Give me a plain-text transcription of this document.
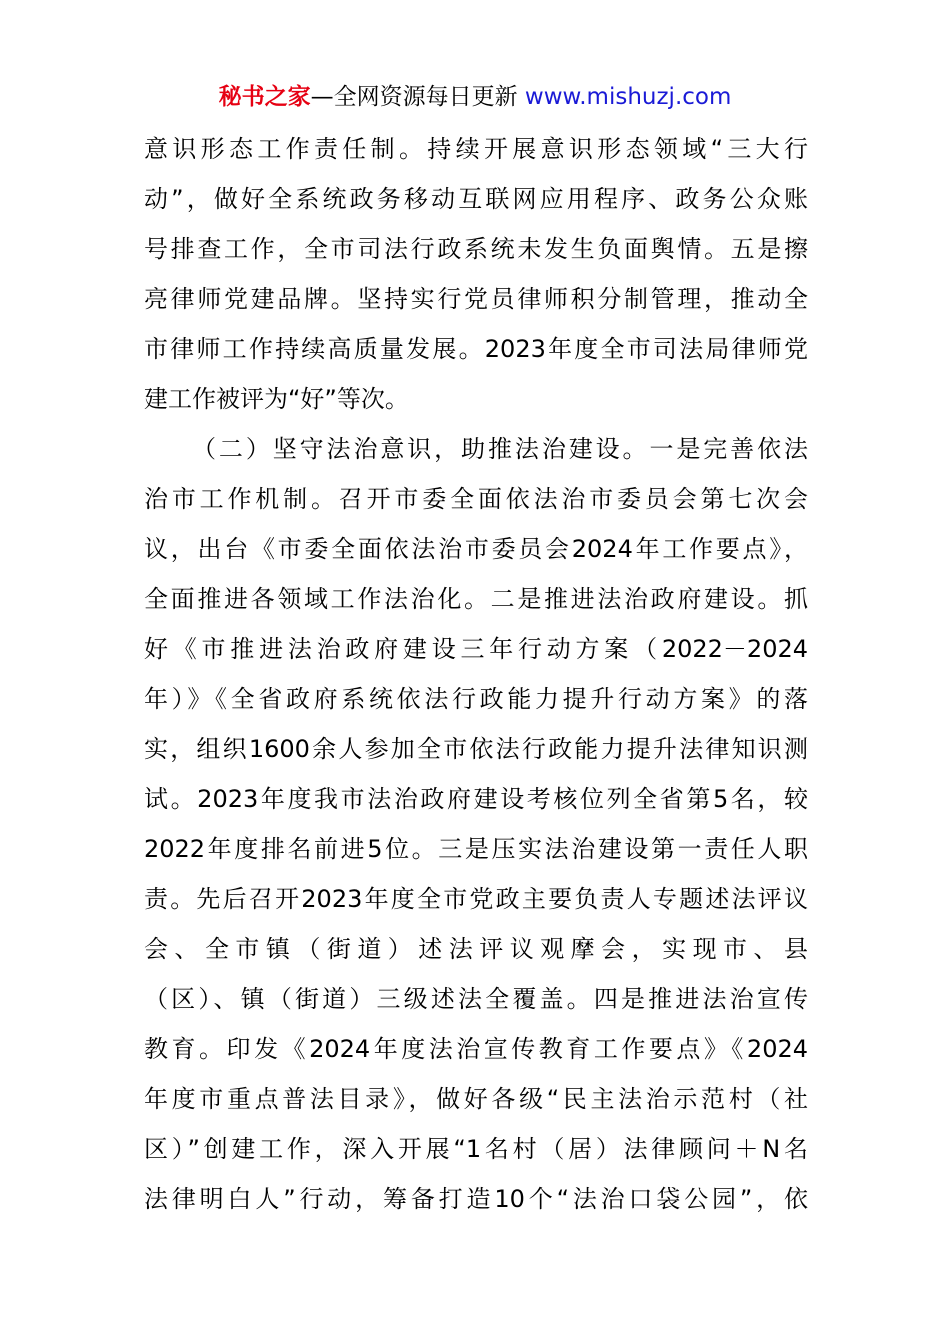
秘书之家—全网资源每日更新 www.mishuzj.com
意识形态工作责任制。持续开展意识形态领域“三大行
动”，做好全系统政务移动互联网应用程序、政务公众账
号排查工作，全市司法行政系统未发生负面舆情。五是擦
亮律师党建品牌。坚持实行党员律师积分制管理，推动全
市律师工作持续高质量发展。2023年度全市司法局律师党
建工作被评为“好”等次。
（二）坚守法治意识，助推法治建设。一是完善依法
治市工作机制。召开市委全面依法治市委员会第七次会
议，出台《市委全面依法治市委员会2024年工作要点》，
全面推进各领域工作法治化。二是推进法治政府建设。抓
好《市推进法治政府建设三年行动方案（2022－2024
年）》《全省政府系统依法行政能力提升行动方案》的落
实，组织1600余人参加全市依法行政能力提升法律知识测
试。2023年度我市法治政府建设考核位列全省第5名，较
2022年度排名前进5位。三是压实法治建设第一责任人职
责。先后召开2023年度全市党政主要负责人专题述法评议
会、全市镇（街道）述法评议观摩会，实现市、县
（区）、镇（街道）三级述法全覆盖。四是推进法治宣传
教育。印发《2024年度法治宣传教育工作要点》《2024
年度市重点普法目录》，做好各级“民主法治示范村（社
区）”创建工作，深入开展“1名村（居）法律顾问＋N名
法律明白人”行动，筹备打造10个“法治口袋公园”，依
